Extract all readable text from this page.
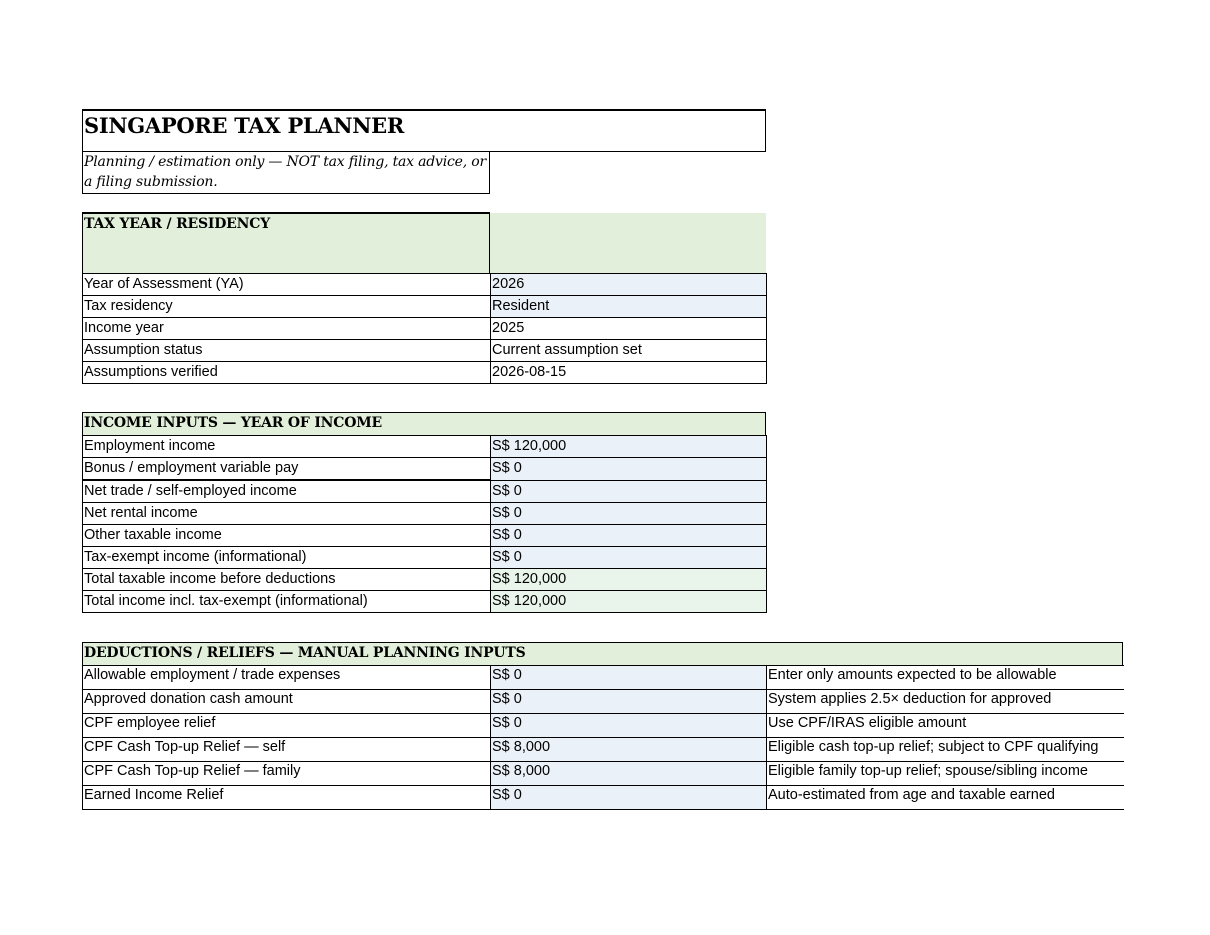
SINGAPORE TAX PLANNER
Planning / estimation only — NOT tax filing, tax advice, or a filing submission.
TAX YEAR / RESIDENCY
Year of Assessment (YA)	2026
Tax residency	Resident
Income year	2025
Assumption status	Current assumption set
Assumptions verified	2026-08-15
INCOME INPUTS — YEAR OF INCOME
Employment income	S$ 120,000
Bonus / employment variable pay	S$ 0
Net trade / self-employed income	S$ 0
Net rental income	S$ 0
Other taxable income	S$ 0
Tax-exempt income (informational)	S$ 0
Total taxable income before deductions	S$ 120,000
Total income incl. tax-exempt (informational)	S$ 120,000
DEDUCTIONS / RELIEFS — MANUAL PLANNING INPUTS
Allowable employment / trade expenses	S$ 0	Enter only amounts expected to be allowable
Approved donation cash amount	S$ 0	System applies 2.5× deduction for approved
CPF employee relief	S$ 0	Use CPF/IRAS eligible amount
CPF Cash Top-up Relief — self	S$ 8,000	Eligible cash top-up relief; subject to CPF qualifying
CPF Cash Top-up Relief — family	S$ 8,000	Eligible family top-up relief; spouse/sibling income
Earned Income Relief	S$ 0	Auto-estimated from age and taxable earned
